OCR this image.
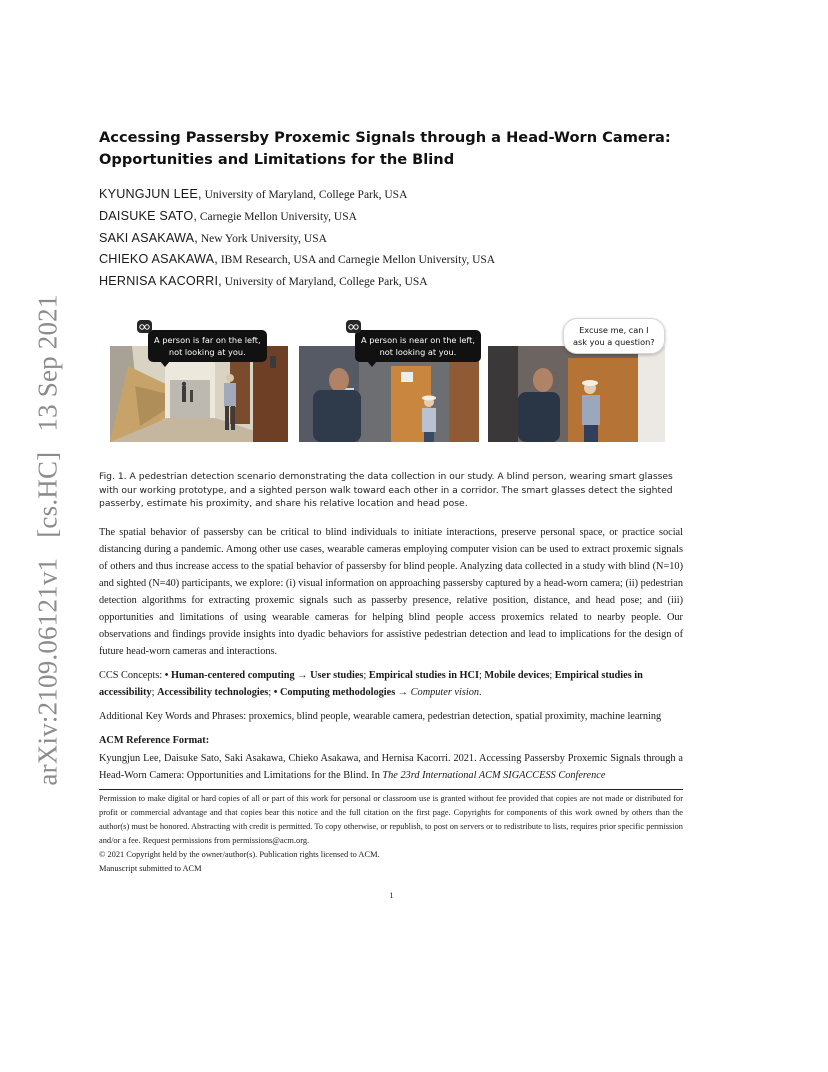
arXiv:2109.06121v1[cs.HC]13 Sep 2021
Accessing Passersby Proxemic Signals through a Head-Worn Camera:
Opportunities and Limitations for the Blind
KYUNGJUN LEE, University of Maryland, College Park, USA
DAISUKE SATO, Carnegie Mellon University, USA
SAKI ASAKAWA, New York University, USA
CHIEKO ASAKAWA, IBM Research, USA and Carnegie Mellon University, USA
HERNISA KACORRI, University of Maryland, College Park, USA
A person is far on the left,
not looking at you.
A person is near on the left,
not looking at you.
Excuse me, can I
ask you a question?
Fig. 1. A pedestrian detection scenario demonstrating the data collection in our study. A blind person, wearing smart glasses with our working prototype, and a sighted person walk toward each other in a corridor. The smart glasses detect the sighted passerby, estimate his proximity, and share his relative location and head pose.
The spatial behavior of passersby can be critical to blind individuals to initiate interactions, preserve personal space, or practice social distancing during a pandemic. Among other use cases, wearable cameras employing computer vision can be used to extract proxemic signals of others and thus increase access to the spatial behavior of passersby for blind people. Analyzing data collected in a study with blind (N=10) and sighted (N=40) participants, we explore: (i) visual information on approaching passersby captured by a head-worn camera; (ii) pedestrian detection algorithms for extracting proxemic signals such as passerby presence, relative position, distance, and head pose; and (iii) opportunities and limitations of using wearable cameras for helping blind people access proxemics related to nearby people. Our observations and findings provide insights into dyadic behaviors for assistive pedestrian detection and lead to implications for the design of future head-worn cameras and interactions.
CCS Concepts: • Human-centered computing → User studies; Empirical studies in HCI; Mobile devices; Empirical studies in accessibility; Accessibility technologies; • Computing methodologies → Computer vision.
Additional Key Words and Phrases: proxemics, blind people, wearable camera, pedestrian detection, spatial proximity, machine learning
ACM Reference Format:
Kyungjun Lee, Daisuke Sato, Saki Asakawa, Chieko Asakawa, and Hernisa Kacorri. 2021. Accessing Passersby Proxemic Signals through a Head-Worn Camera: Opportunities and Limitations for the Blind. In The 23rd International ACM SIGACCESS Conference
Permission to make digital or hard copies of all or part of this work for personal or classroom use is granted without fee provided that copies are not made or distributed for profit or commercial advantage and that copies bear this notice and the full citation on the first page. Copyrights for components of this work owned by others than the author(s) must be honored. Abstracting with credit is permitted. To copy otherwise, or republish, to post on servers or to redistribute to lists, requires prior specific permission and/or a fee. Request permissions from permissions@acm.org.
© 2021 Copyright held by the owner/author(s). Publication rights licensed to ACM.
Manuscript submitted to ACM
1
